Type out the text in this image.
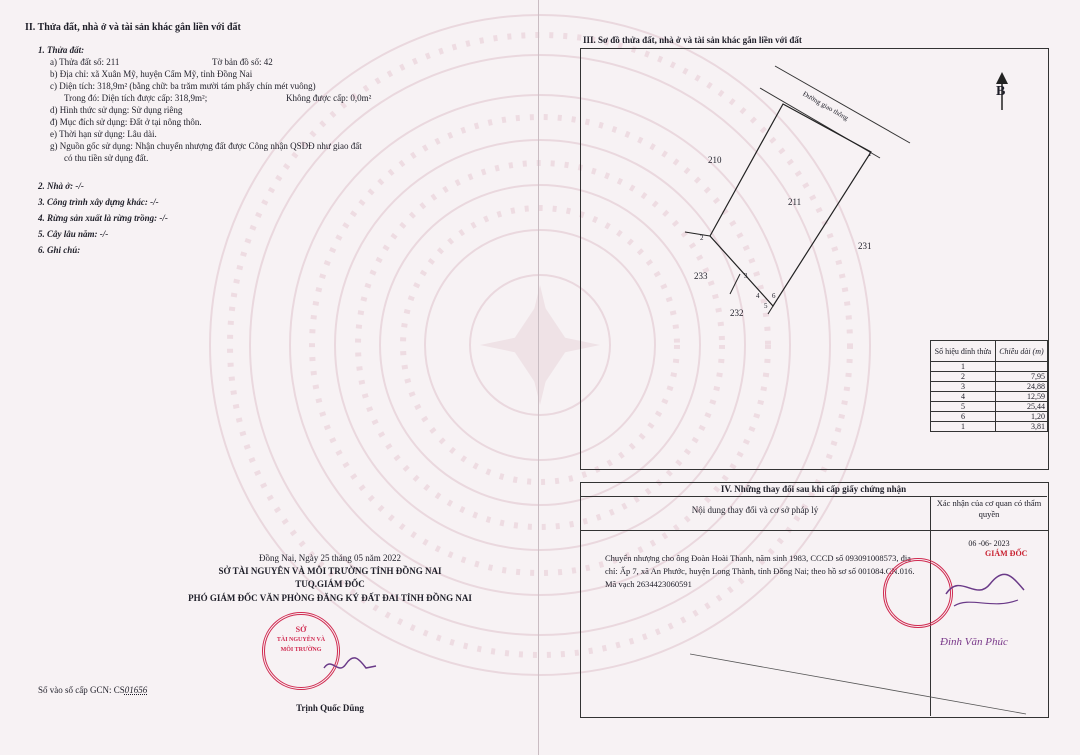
II. Thửa đất, nhà ở và tài sản khác gắn liền với đất
1. Thửa đất:
a) Thửa đất số: 211	Tờ bản đồ số: 42
b) Địa chỉ: xã Xuân Mỹ, huyện Cẩm Mỹ, tỉnh Đồng Nai
c) Diện tích: 318,9m² (bằng chữ: ba trăm mười tám phẩy chín mét vuông)
Trong đó: Diện tích được cấp: 318,9m²;	Không được cấp: 0,0m²
d) Hình thức sử dụng: Sử dụng riêng
đ) Mục đích sử dụng: Đất ở tại nông thôn.
e) Thời hạn sử dụng: Lâu dài.
g) Nguồn gốc sử dụng: Nhận chuyển nhượng đất được Công nhận QSDĐ như giao đất
có thu tiền sử dụng đất.
2. Nhà ở: -/-
3. Công trình xây dựng khác: -/-
4. Rừng sản xuất là rừng trồng: -/-
5. Cây lâu năm: -/-
6. Ghi chú:
Đồng Nai, Ngày 25 tháng 05 năm 2022
SỞ TÀI NGUYÊN VÀ MÔI TRƯỜNG TỈNH ĐỒNG NAI
TUQ.GIÁM ĐỐC
PHÓ GIÁM ĐỐC VĂN PHÒNG ĐĂNG KÝ ĐẤT ĐAI TỈNH ĐỒNG NAI
SỞ
TÀI NGUYÊN VÀ
MÔI TRƯỜNG
Trịnh Quốc Dũng
Số vào sổ cấp GCN: CS01656
III. Sơ đồ thửa đất, nhà ở và tài sản khác gắn liền với đất
B
Đường giao thông
210
211
231
233
232
1
2
3
4
5
6
Số hiệu đỉnh thửa	Chiều dài (m)
1	
2	7,95
3	24,88
4	12,59
5	25,44
6	1,20
1	3,81
IV. Những thay đổi sau khi cấp giấy chứng nhận
Nội dung thay đổi và cơ sở pháp lý
Xác nhận của cơ quan có thẩm quyền
06 -06- 2023
Chuyển nhượng cho ông Đoàn Hoài Thanh, năm sinh 1983, CCCD số 093091008573, địa chỉ: Ấp 7, xã An Phước, huyện Long Thành, tỉnh Đồng Nai; theo hồ sơ số 001084.CN.016. Mã vạch 2634423060591
GIÁM ĐỐC
Đinh Văn Phúc
